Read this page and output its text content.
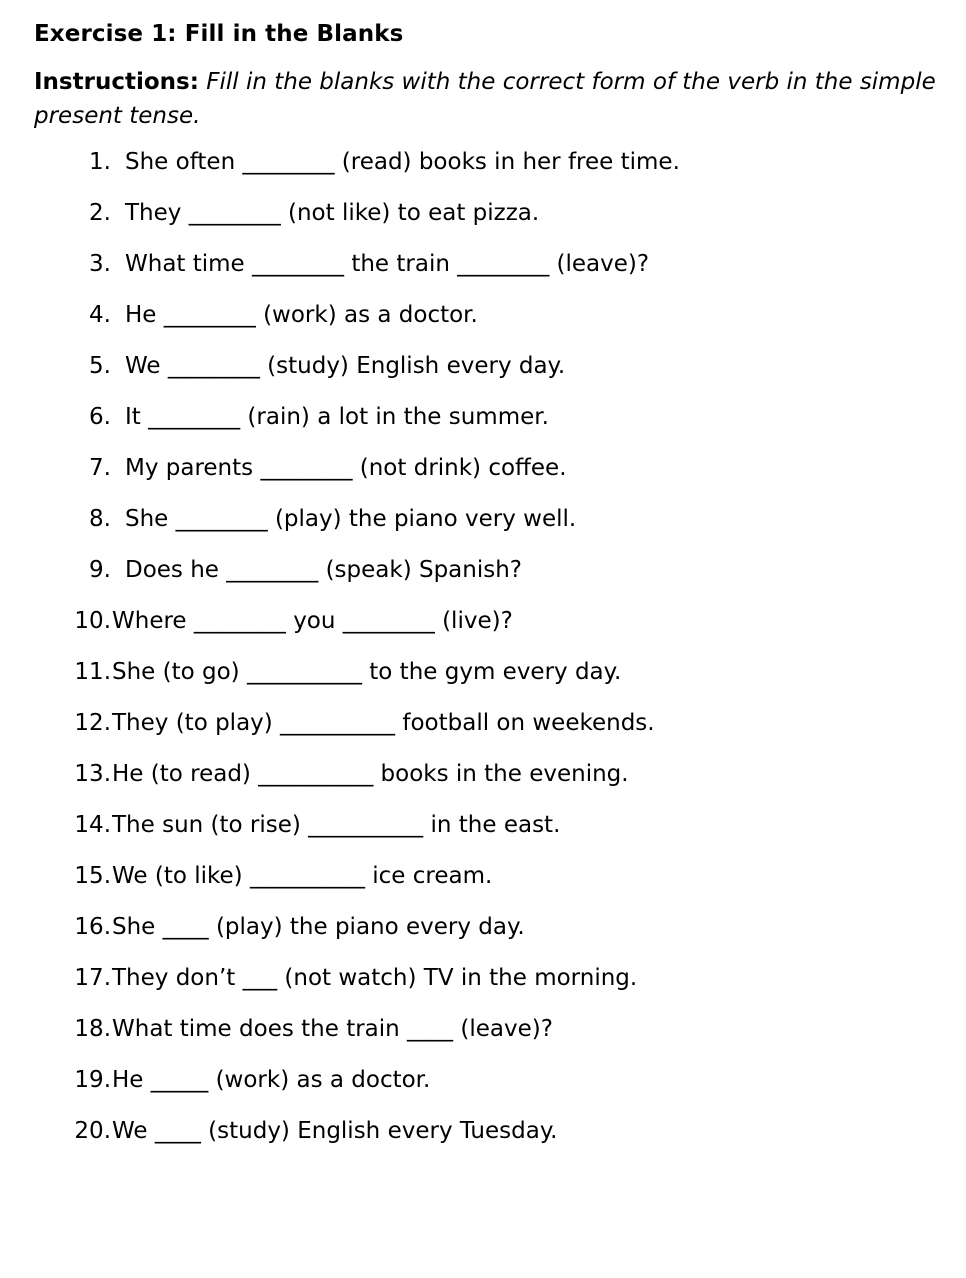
Exercise 1: Fill in the Blanks

Instructions: Fill in the blanks with the correct form of the verb in the simple present tense.

1. She often ________ (read) books in her free time.
2. They ________ (not like) to eat pizza.
3. What time ________ the train ________ (leave)?
4. He ________ (work) as a doctor.
5. We ________ (study) English every day.
6. It ________ (rain) a lot in the summer.
7. My parents ________ (not drink) coffee.
8. She ________ (play) the piano very well.
9. Does he ________ (speak) Spanish?
10. Where ________ you ________ (live)?
11. She (to go) __________ to the gym every day.
12. They (to play) __________ football on weekends.
13. He (to read) __________ books in the evening.
14. The sun (to rise) __________ in the east.
15. We (to like) __________ ice cream.
16. She ____ (play) the piano every day.
17. They don’t ___ (not watch) TV in the morning.
18. What time does the train ____ (leave)?
19. He _____ (work) as a doctor.
20. We ____ (study) English every Tuesday.
